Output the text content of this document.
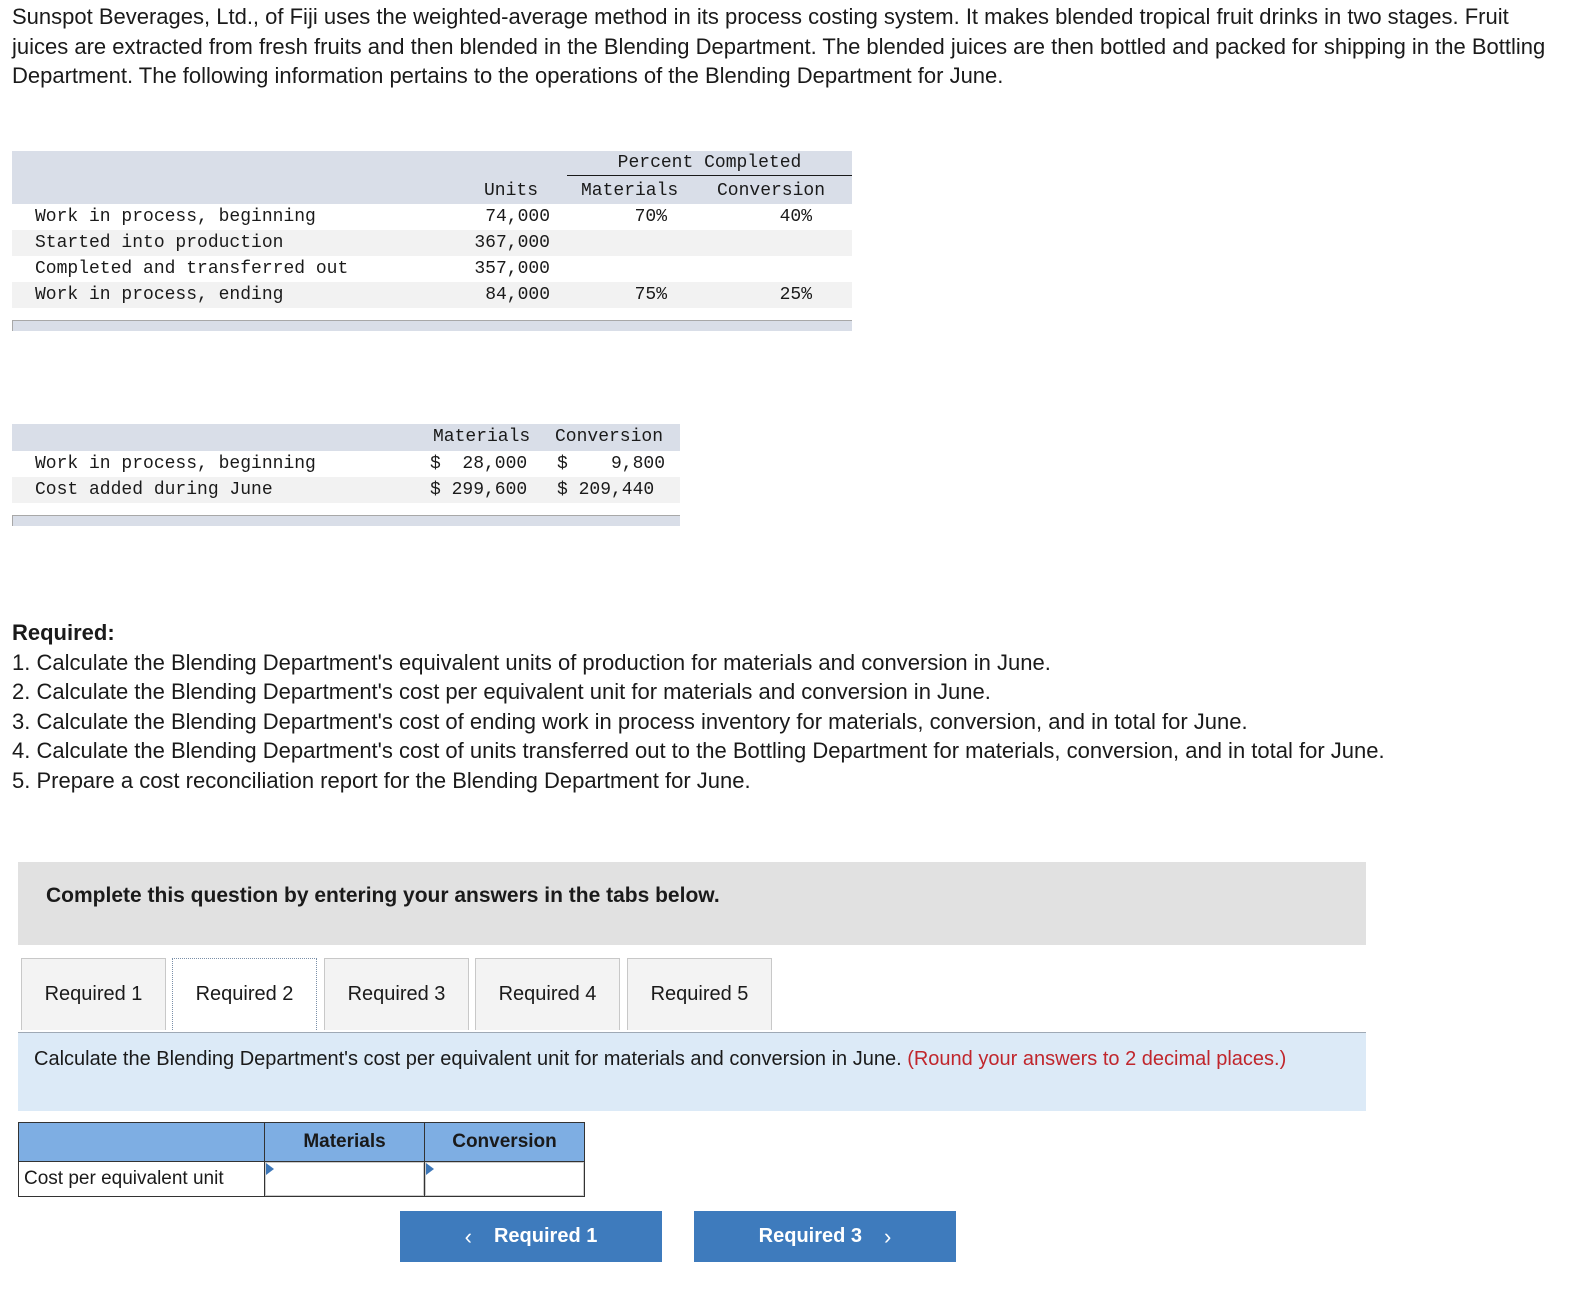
Sunspot Beverages, Ltd., of Fiji uses the weighted-average method in its process costing system. It makes blended tropical fruit drinks in two stages. Fruit juices are extracted from fresh fruits and then blended in the Blending Department. The blended juices are then bottled and packed for shipping in the Bottling Department. The following information pertains to the operations of the Blending Department for June.

Percent Completed
Units Materials Conversion
Work in process, beginning	74,000	70%	40%
Started into production	367,000
Completed and transferred out	357,000
Work in process, ending	84,000	75%	25%
Materials Conversion
Work in process, beginning	$  28,000 $    9,800
Cost added during June	$ 299,600 $ 209,440

Required:

1. Calculate the Blending Department's equivalent units of production for materials and conversion in June.

2. Calculate the Blending Department's cost per equivalent unit for materials and conversion in June.

3. Calculate the Blending Department's cost of ending work in process inventory for materials, conversion, and in total for June.

4. Calculate the Blending Department's cost of units transferred out to the Bottling Department for materials, conversion, and in total for June.

5. Prepare a cost reconciliation report for the Blending Department for June.

Complete this question by entering your answers in the tabs below.
Required 1	Required 2	Required 3	Required 4	Required 5
Calculate the Blending Department's cost per equivalent unit for materials and conversion in June. (Round your answers to 2 decimal places.)
	Materials	Conversion
Cost per equivalent unit	

‹ Required 1	Required 3 ›
